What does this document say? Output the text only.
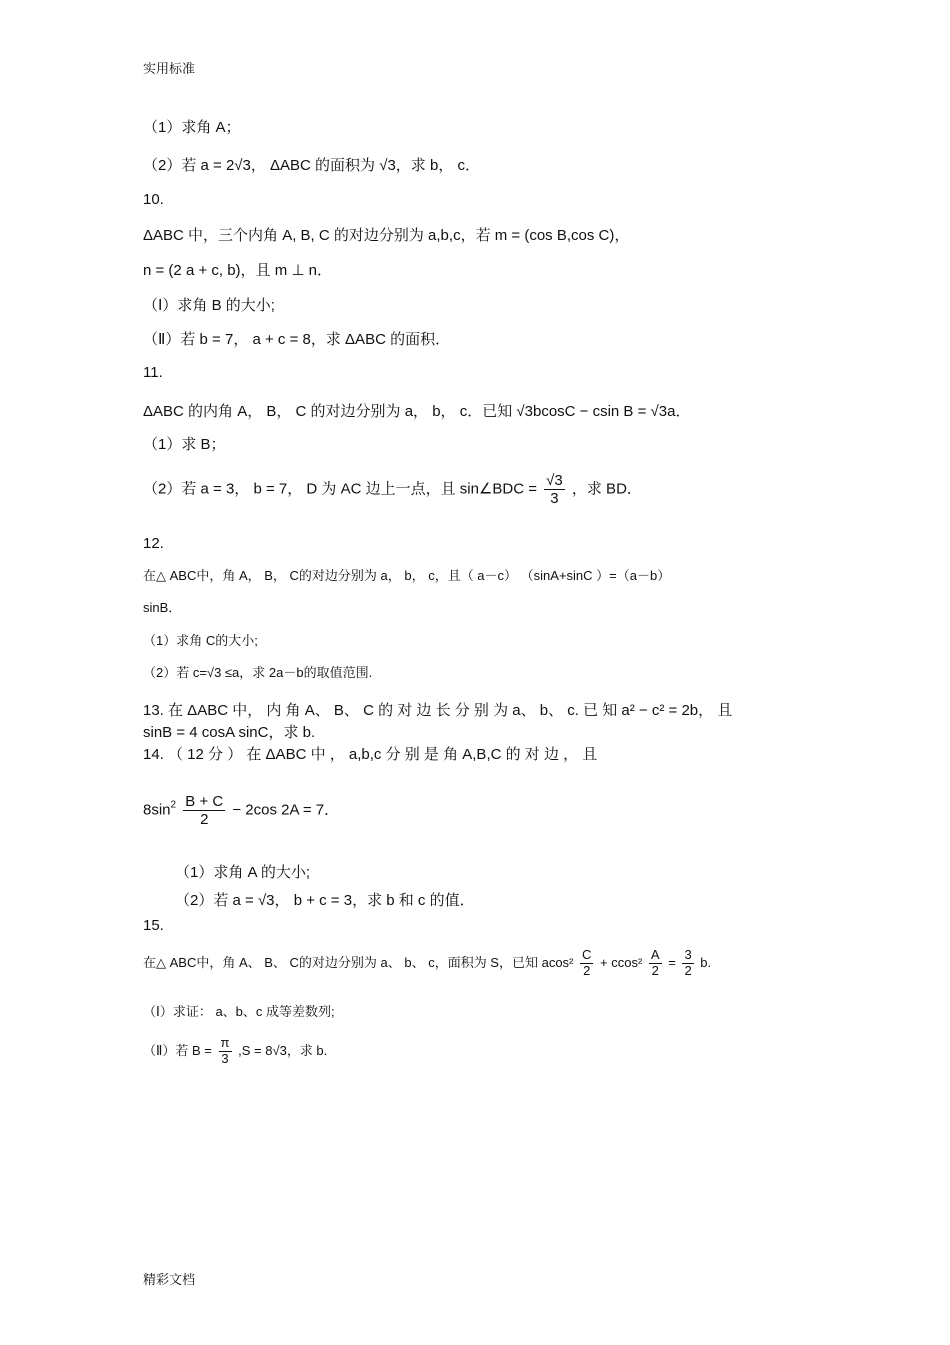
实用标准
（1）求角 A；
（2）若 a = 2√3， ΔABC 的面积为 √3，求 b， c．
10.
ΔABC 中，三个内角 A, B, C 的对边分别为 a,b,c，若 m = (cos B,cos C)，
n = (2 a + c, b)，且 m ⊥ n．
（Ⅰ）求角 B 的大小;
（Ⅱ）若 b = 7， a + c = 8，求 ΔABC 的面积．
11.
ΔABC 的内角 A， B， C 的对边分别为 a， b， c．已知 √3bcosC − csin B = √3a．
（1）求 B；
（2）若 a = 3， b = 7， D 为 AC 边上一点，且 sin∠BDC = $\frac{√3}{3}$ ，求 BD．
12.
在△ ABC中，角 A， B， C的对边分别为 a， b， c，且（ a－c） （sinA+sinC ）=（a－b）
sinB．
（1）求角 C的大小;
（2）若 c=√3 ≤a，求 2a－b的取值范围.
13. 在 ΔABC 中， 内 角 A、 B、 C 的 对 边 长 分 别 为 a、 b、 c. 已 知 a² − c² = 2b， 且
sinB = 4 cosA sinC，求 b.
14. （ 12 分 ） 在 ΔABC 中 ， a,b,c 分 别 是 角 A,B,C 的 对 边 ， 且
$8\sin^2 \frac{B + C}{2} - 2\cos$ 2A = 7．
（1）求角 A 的大小;
（2）若 a = √3， b + c = 3，求 b 和 c 的值．
15.
在△ ABC中，角 A、 B、 C的对边分别为 a、 b、 c，面积为 S，已知 $acos^2 \frac{C}{2} + ccos^2 \frac{A}{2} = \frac{3}{2} b$.
（Ⅰ）求证： a、b、c 成等差数列;
（Ⅱ）若 $B = \frac{\pi}{3} ,S = 8√3$，求 b.
精彩文档
